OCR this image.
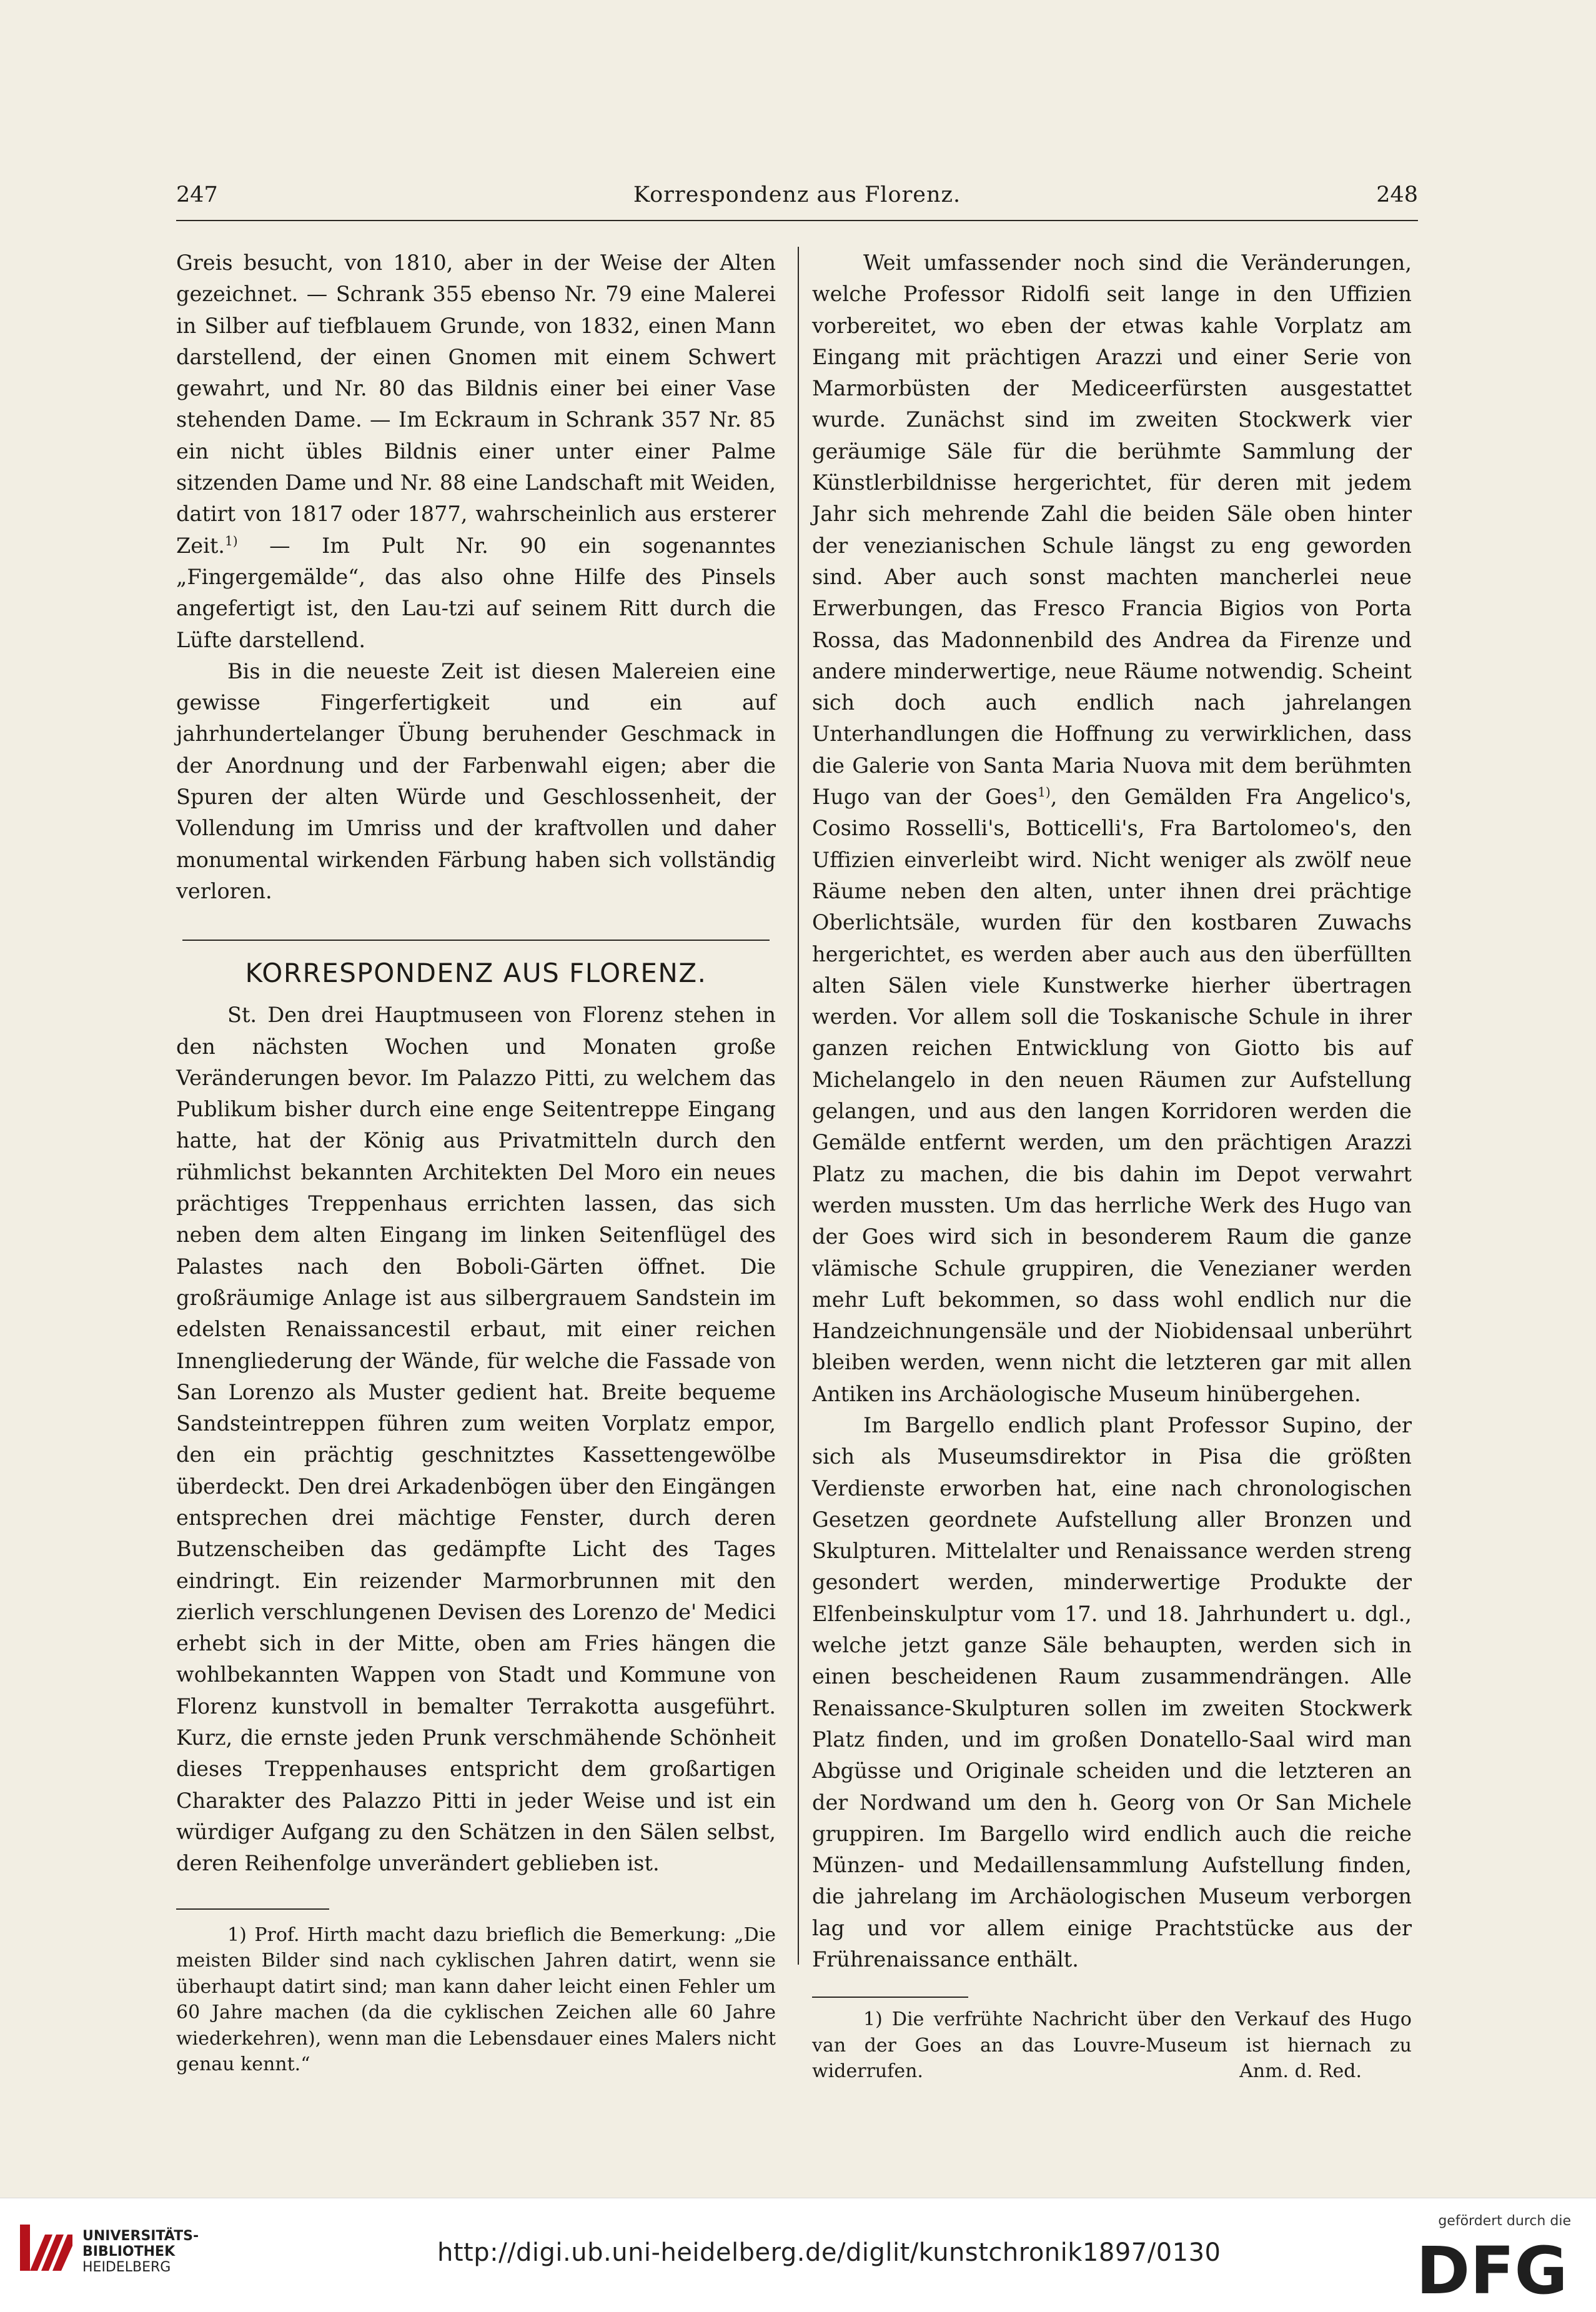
247	Korrespondenz aus Florenz.	248

Greis besucht, von 1810, aber in der Weise der Alten gezeichnet. — Schrank 355 ebenso Nr. 79 eine Malerei in Silber auf tiefblauem Grunde, von 1832, einen Mann darstellend, der einen Gnomen mit einem Schwert gewahrt, und Nr. 80 das Bildnis einer bei einer Vase stehenden Dame. — Im Eckraum in Schrank 357 Nr. 85 ein nicht übles Bildnis einer unter einer Palme sitzenden Dame und Nr. 88 eine Landschaft mit Weiden, datirt von 1817 oder 1877, wahrscheinlich aus ersterer Zeit.$^{1)}$ — Im Pult Nr. 90 ein sogenanntes „Fingergemälde“, das also ohne Hilfe des Pinsels angefertigt ist, den Lau-tzi auf seinem Ritt durch die Lüfte darstellend.

Bis in die neueste Zeit ist diesen Malereien eine gewisse Fingerfertigkeit und ein auf jahrhundertelanger Übung beruhender Geschmack in der Anordnung und der Farbenwahl eigen; aber die Spuren der alten Würde und Geschlossenheit, der Vollendung im Umriss und der kraftvollen und daher monumental wirkenden Färbung haben sich vollständig verloren.

KORRESPONDENZ AUS FLORENZ.

St. Den drei Hauptmuseen von Florenz stehen in den nächsten Wochen und Monaten große Veränderungen bevor. Im Palazzo Pitti, zu welchem das Publikum bisher durch eine enge Seitentreppe Eingang hatte, hat der König aus Privatmitteln durch den rühmlichst bekannten Architekten Del Moro ein neues prächtiges Treppenhaus errichten lassen, das sich neben dem alten Eingang im linken Seitenflügel des Palastes nach den Boboli-Gärten öffnet. Die großräumige Anlage ist aus silbergrauem Sandstein im edelsten Renaissancestil erbaut, mit einer reichen Innengliederung der Wände, für welche die Fassade von San Lorenzo als Muster gedient hat. Breite bequeme Sandsteintreppen führen zum weiten Vorplatz empor, den ein prächtig geschnitztes Kassettengewölbe überdeckt. Den drei Arkadenbögen über den Eingängen entsprechen drei mächtige Fenster, durch deren Butzenscheiben das gedämpfte Licht des Tages eindringt. Ein reizender Marmorbrunnen mit den zierlich verschlungenen Devisen des Lorenzo de' Medici erhebt sich in der Mitte, oben am Fries hängen die wohlbekannten Wappen von Stadt und Kommune von Florenz kunstvoll in bemalter Terrakotta ausgeführt. Kurz, die ernste jeden Prunk verschmähende Schönheit dieses Treppenhauses entspricht dem großartigen Charakter des Palazzo Pitti in jeder Weise und ist ein würdiger Aufgang zu den Schätzen in den Sälen selbst, deren Reihenfolge unverändert geblieben ist.

1) Prof. Hirth macht dazu brieflich die Bemerkung: „Die meisten Bilder sind nach cyklischen Jahren datirt, wenn sie überhaupt datirt sind; man kann daher leicht einen Fehler um 60 Jahre machen (da die cyklischen Zeichen alle 60 Jahre wiederkehren), wenn man die Lebensdauer eines Malers nicht genau kennt.“

Weit umfassender noch sind die Veränderungen, welche Professor Ridolfi seit lange in den Uffizien vorbereitet, wo eben der etwas kahle Vorplatz am Eingang mit prächtigen Arazzi und einer Serie von Marmorbüsten der Mediceerfürsten ausgestattet wurde. Zunächst sind im zweiten Stockwerk vier geräumige Säle für die berühmte Sammlung der Künstlerbildnisse hergerichtet, für deren mit jedem Jahr sich mehrende Zahl die beiden Säle oben hinter der venezianischen Schule längst zu eng geworden sind. Aber auch sonst machten mancherlei neue Erwerbungen, das Fresco Francia Bigios von Porta Rossa, das Madonnenbild des Andrea da Firenze und andere minderwertige, neue Räume notwendig. Scheint sich doch auch endlich nach jahrelangen Unterhandlungen die Hoffnung zu verwirklichen, dass die Galerie von Santa Maria Nuova mit dem berühmten Hugo van der Goes$^{1)}$, den Gemälden Fra Angelico's, Cosimo Rosselli's, Botticelli's, Fra Bartolomeo's, den Uffizien einverleibt wird. Nicht weniger als zwölf neue Räume neben den alten, unter ihnen drei prächtige Oberlichtsäle, wurden für den kostbaren Zuwachs hergerichtet, es werden aber auch aus den überfüllten alten Sälen viele Kunstwerke hierher übertragen werden. Vor allem soll die Toskanische Schule in ihrer ganzen reichen Entwicklung von Giotto bis auf Michelangelo in den neuen Räumen zur Aufstellung gelangen, und aus den langen Korridoren werden die Gemälde entfernt werden, um den prächtigen Arazzi Platz zu machen, die bis dahin im Depot verwahrt werden mussten. Um das herrliche Werk des Hugo van der Goes wird sich in besonderem Raum die ganze vlämische Schule gruppiren, die Venezianer werden mehr Luft bekommen, so dass wohl endlich nur die Handzeichnungensäle und der Niobidensaal unberührt bleiben werden, wenn nicht die letzteren gar mit allen Antiken ins Archäologische Museum hinübergehen.

Im Bargello endlich plant Professor Supino, der sich als Museumsdirektor in Pisa die größten Verdienste erworben hat, eine nach chronologischen Gesetzen geordnete Aufstellung aller Bronzen und Skulpturen. Mittelalter und Renaissance werden streng gesondert werden, minderwertige Produkte der Elfenbeinskulptur vom 17. und 18. Jahrhundert u. dgl., welche jetzt ganze Säle behaupten, werden sich in einen bescheidenen Raum zusammendrängen. Alle Renaissance-Skulpturen sollen im zweiten Stockwerk Platz finden, und im großen Donatello-Saal wird man Abgüsse und Originale scheiden und die letzteren an der Nordwand um den h. Georg von Or San Michele gruppiren. Im Bargello wird endlich auch die reiche Münzen- und Medaillensammlung Aufstellung finden, die jahrelang im Archäologischen Museum verborgen lag und vor allem einige Prachtstücke aus der Frührenaissance enthält.

1) Die verfrühte Nachricht über den Verkauf des Hugo van der Goes an das Louvre-Museum ist hiernach zu widerrufen.	Anm. d. Red.

UNIVERSITÄTS-
BIBLIOTHEK
HEIDELBERG
http://digi.ub.uni-heidelberg.de/diglit/kunstchronik1897/0130
gefördert durch die
DFG
